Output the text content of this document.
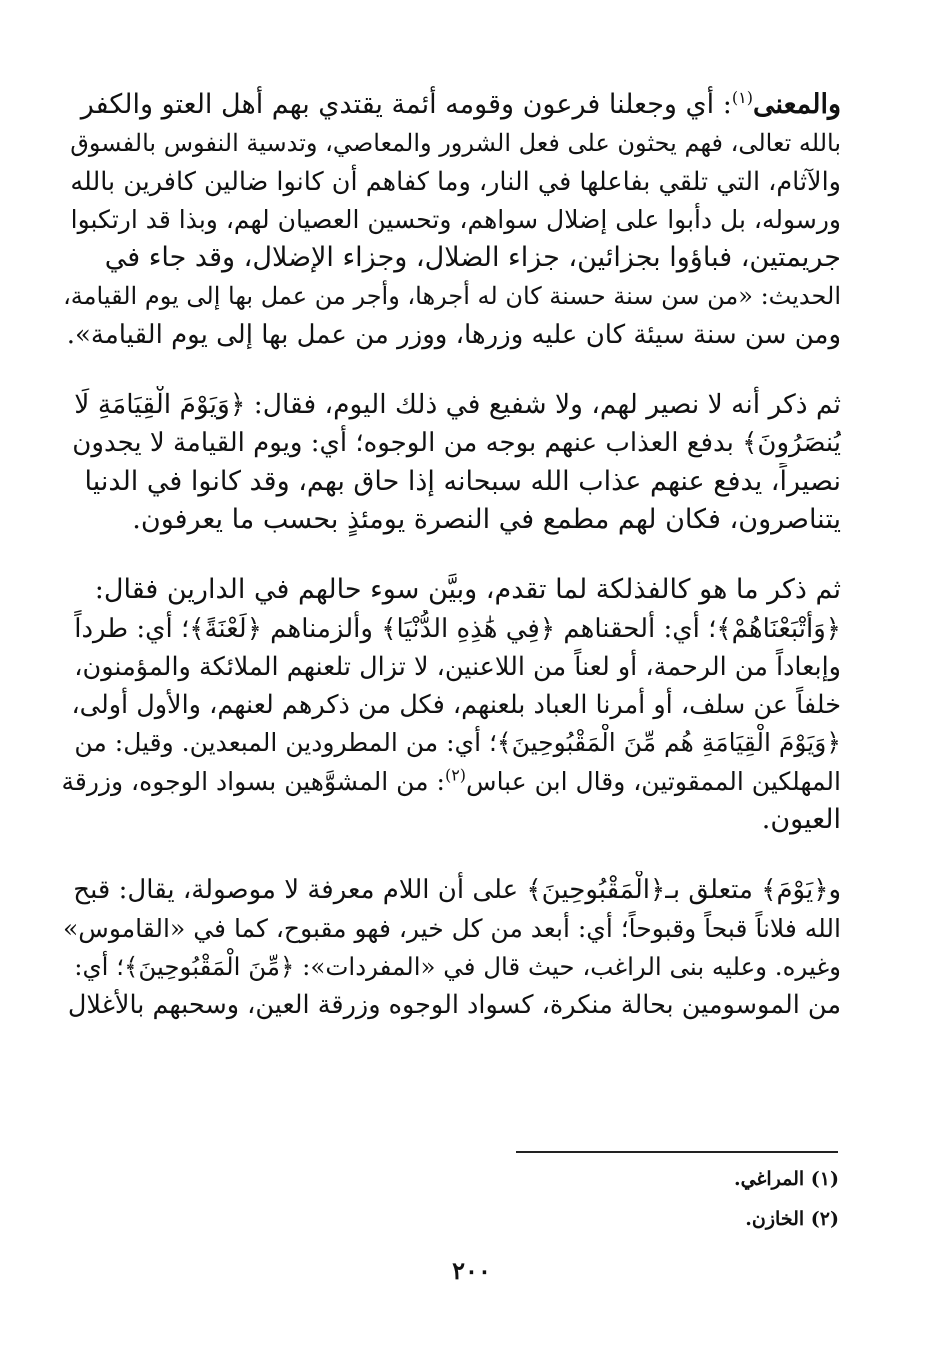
والمعنى$^{(١)}$: أي وجعلنا فرعون وقومه أئمة يقتدي بهم أهل العتو والكفر
بالله تعالى، فهم يحثون على فعل الشرور والمعاصي، وتدسية النفوس بالفسوق
والآثام، التي تلقي بفاعلها في النار، وما كفاهم أن كانوا ضالين كافرين بالله
ورسوله، بل دأبوا على إضلال سواهم، وتحسين العصيان لهم، وبذا قد ارتكبوا
جريمتين، فباؤوا بجزائين، جزاء الضلال، وجزاء الإضلال، وقد جاء في
الحديث: «من سن سنة حسنة كان له أجرها، وأجر من عمل بها إلى يوم القيامة،
ومن سن سنة سيئة كان عليه وزرها، ووزر من عمل بها إلى يوم القيامة».

ثم ذكر أنه لا نصير لهم، ولا شفيع في ذلك اليوم، فقال: ﴿وَيَوْمَ الْقِيَامَةِ لَا
يُنصَرُونَ﴾ بدفع العذاب عنهم بوجه من الوجوه؛ أي: ويوم القيامة لا يجدون
نصيراً، يدفع عنهم عذاب الله سبحانه إذا حاق بهم، وقد كانوا في الدنيا
يتناصرون، فكان لهم مطمع في النصرة يومئذٍ بحسب ما يعرفون.

ثم ذكر ما هو كالفذلكة لما تقدم، وبيَّن سوء حالهم في الدارين فقال:
﴿وَأَتْبَعْنَاهُمْ﴾؛ أي: ألحقناهم ﴿فِي هَٰذِهِ الدُّنْيَا﴾ وألزمناهم ﴿لَعْنَةً﴾؛ أي: طرداً
وإبعاداً من الرحمة، أو لعناً من اللاعنين، لا تزال تلعنهم الملائكة والمؤمنون،
خلفاً عن سلف، أو أمرنا العباد بلعنهم، فكل من ذكرهم لعنهم، والأول أولى،
﴿وَيَوْمَ الْقِيَامَةِ هُم مِّنَ الْمَقْبُوحِينَ﴾؛ أي: من المطرودين المبعدين. وقيل: من
المهلكين الممقوتين، وقال ابن عباس$^{(٢)}$: من المشوَّهين بسواد الوجوه، وزرقة
العيون.

و﴿يَوْمَ﴾ متعلق بـ﴿الْمَقْبُوحِينَ﴾ على أن اللام معرفة لا موصولة، يقال: قبح
الله فلاناً قبحاً وقبوحاً؛ أي: أبعد من كل خير، فهو مقبوح، كما في «القاموس»
وغيره. وعليه بنى الراغب، حيث قال في «المفردات»: ﴿مِّنَ الْمَقْبُوحِينَ﴾؛ أي:
من الموسومين بحالة منكرة، كسواد الوجوه وزرقة العين، وسحبهم بالأغلال

(١) المراغي.
(٢) الخازن.
٢٠٠
